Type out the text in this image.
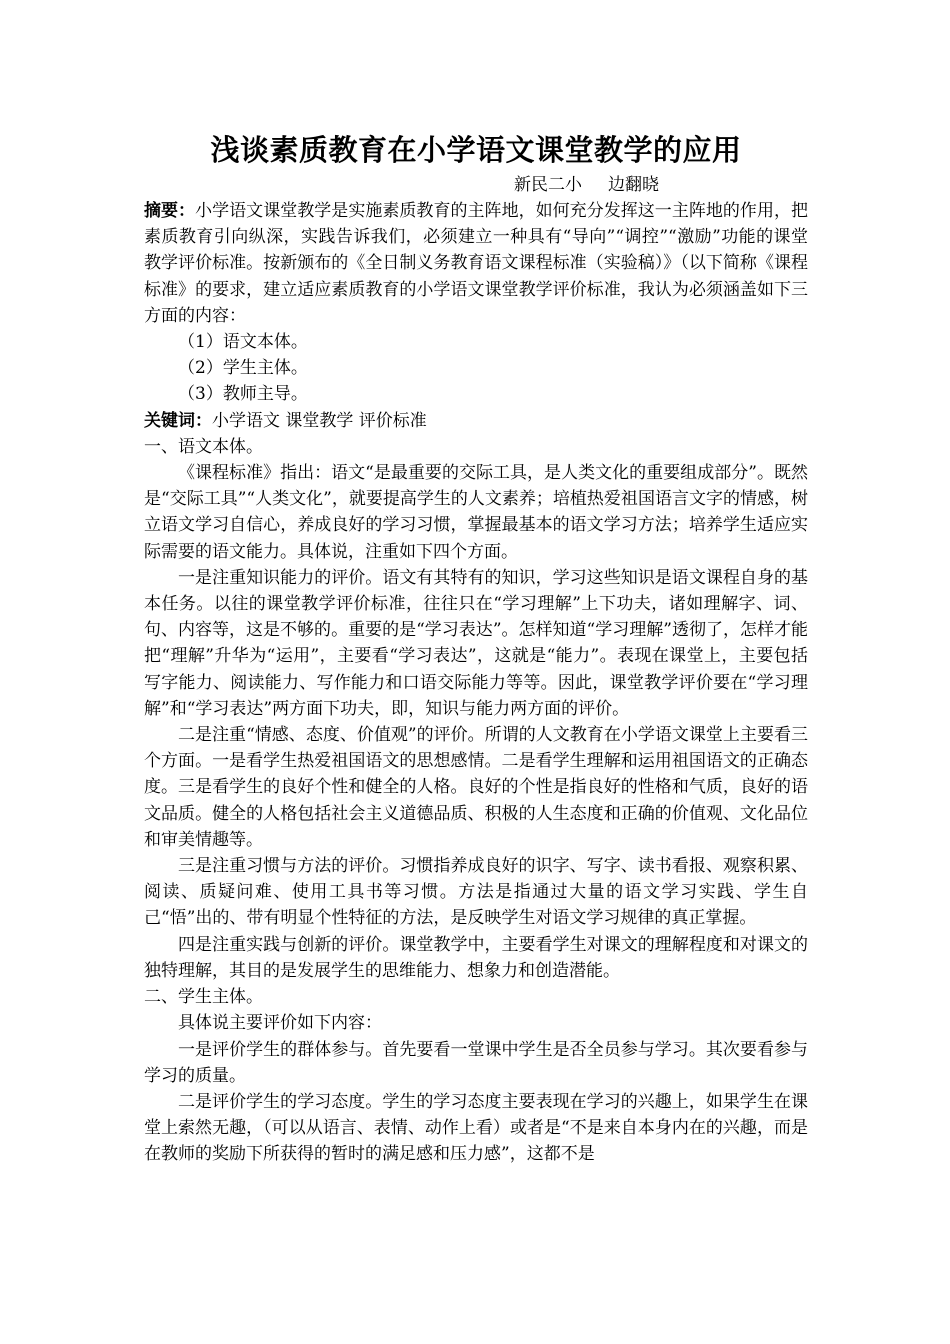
浅谈素质教育在小学语文课堂教学的应用
新民二小 边翻晓

摘要：小学语文课堂教学是实施素质教育的主阵地，如何充分发挥这一主阵地的作用，把素质教育引向纵深，实践告诉我们，必须建立一种具有“导向”“调控”“激励”功能的课堂教学评价标准。按新颁布的《全日制义务教育语文课程标准（实验稿）》（以下简称《课程标准》的要求，建立适应素质教育的小学语文课堂教学评价标准，我认为必须涵盖如下三方面的内容：

（1）语文本体。

（2）学生主体。

（3）教师主导。

关键词：小学语文 课堂教学 评价标准

一、语文本体。

《课程标准》指出：语文“是最重要的交际工具，是人类文化的重要组成部分”。既然是“交际工具”“人类文化”，就要提高学生的人文素养；培植热爱祖国语言文字的情感，树立语文学习自信心，养成良好的学习习惯，掌握最基本的语文学习方法；培养学生适应实际需要的语文能力。具体说，注重如下四个方面。

一是注重知识能力的评价。语文有其特有的知识，学习这些知识是语文课程自身的基本任务。以往的课堂教学评价标准，往往只在“学习理解”上下功夫，诸如理解字、词、句、内容等，这是不够的。重要的是“学习表达”。怎样知道“学习理解”透彻了，怎样才能把“理解”升华为“运用”，主要看“学习表达”，这就是“能力”。表现在课堂上，主要包括写字能力、阅读能力、写作能力和口语交际能力等等。因此，课堂教学评价要在“学习理解”和“学习表达”两方面下功夫，即，知识与能力两方面的评价。

二是注重“情感、态度、价值观”的评价。所谓的人文教育在小学语文课堂上主要看三个方面。一是看学生热爱祖国语文的思想感情。二是看学生理解和运用祖国语文的正确态度。三是看学生的良好个性和健全的人格。良好的个性是指良好的性格和气质，良好的语文品质。健全的人格包括社会主义道德品质、积极的人生态度和正确的价值观、文化品位和审美情趣等。

三是注重习惯与方法的评价。习惯指养成良好的识字、写字、读书看报、观察积累、阅读、质疑问难、使用工具书等习惯。方法是指通过大量的语文学习实践、学生自己“悟”出的、带有明显个性特征的方法，是反映学生对语文学习规律的真正掌握。

四是注重实践与创新的评价。课堂教学中，主要看学生对课文的理解程度和对课文的独特理解，其目的是发展学生的思维能力、想象力和创造潜能。

二、学生主体。

具体说主要评价如下内容：

一是评价学生的群体参与。首先要看一堂课中学生是否全员参与学习。其次要看参与学习的质量。

二是评价学生的学习态度。学生的学习态度主要表现在学习的兴趣上，如果学生在课堂上索然无趣，（可以从语言、表情、动作上看）或者是“不是来自本身内在的兴趣，而是在教师的奖励下所获得的暂时的满足感和压力感”，这都不是
